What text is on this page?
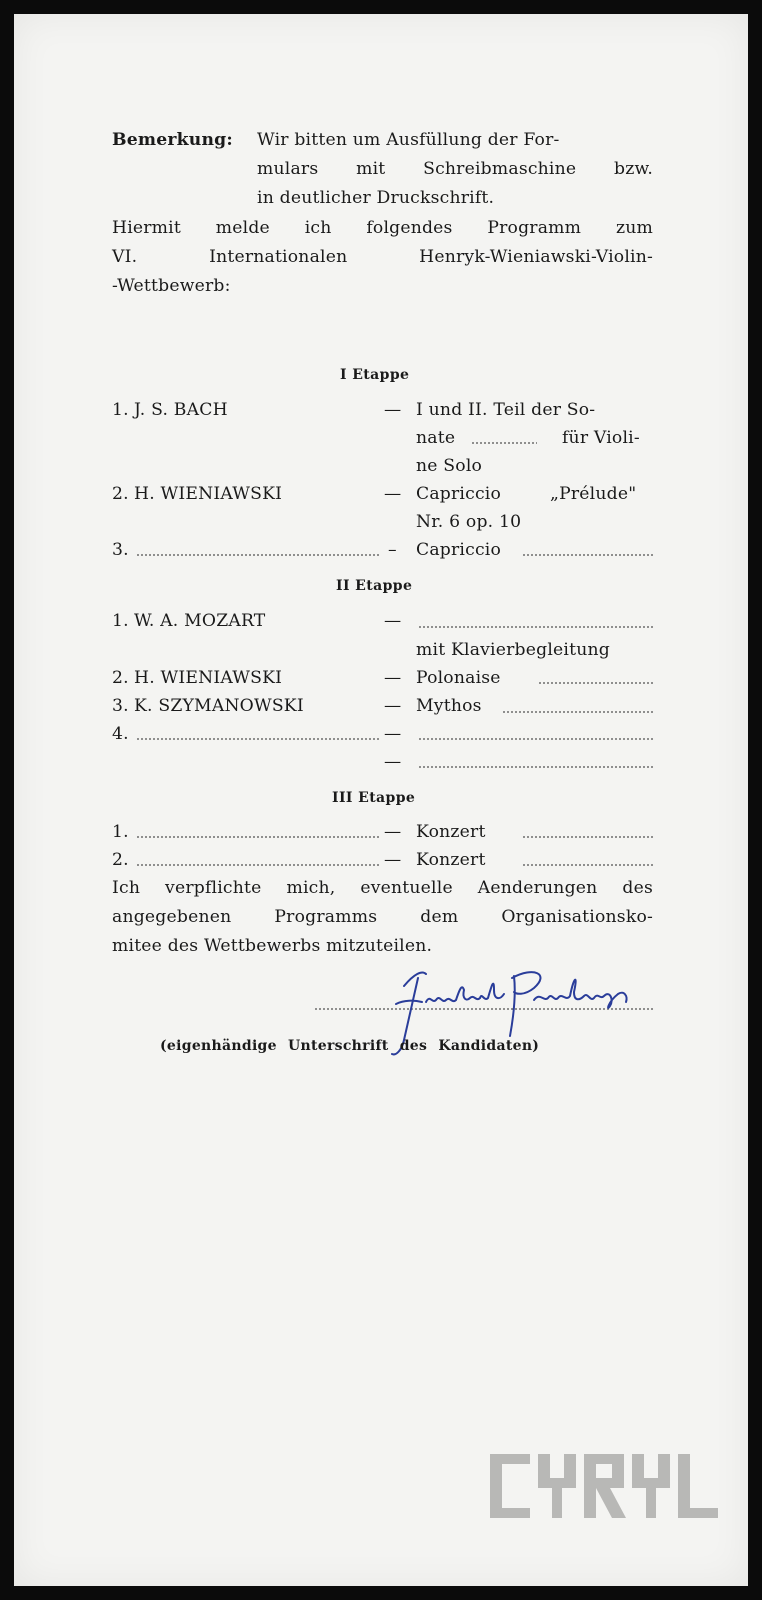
Bemerkung: Wir bitten um Ausfüllung der For-
mulars mit Schreibmaschine bzw.
in deutlicher Druckschrift.
Hiermit melde ich folgendes Programm zum
VI. Internationalen Henryk-Wieniawski-Violin-
-Wettbewerb:
I Etappe
1. J. S. BACH	— I und II. Teil der So-
nate	für Violi-
ne Solo
2. H. WIENIAWSKI	— Capriccio	„Prélude"
Nr. 6 op. 10
3.	– Capriccio
II Etappe
1. W. A. MOZART	—
mit Klavierbegleitung
2. H. WIENIAWSKI	— Polonaise
3. K. SZYMANOWSKI	— Mythos
4.	—
—
III Etappe
1.	— Konzert
2.	— Konzert
Ich verpflichte mich, eventuelle Aenderungen des
angegebenen Programms dem Organisationsko-
mitee des Wettbewerbs mitzuteilen.
(eigenhändige Unterschrift des Kandidaten)
